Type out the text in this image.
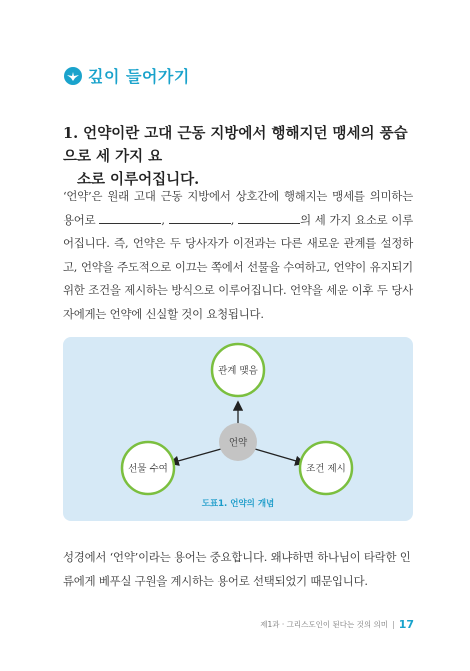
깊이 들어가기
1. 언약이란 고대 근동 지방에서 행해지던 맹세의 풍습으로 세 가지 요
소로 이루어집니다.
‘언약’은 원래 고대 근동 지방에서 상호간에 행해지는 맹세를 의미하는 용어로	,	,	의 세 가지 요소로 이루어집니다. 즉, 언약은 두 당사자가 이전과는 다른 새로운 관계를 설정하고, 언약을 주도적으로 이끄는 쪽에서 선물을 수여하고, 언약이 유지되기 위한 조건을 제시하는 방식으로 이루어집니다. 언약을 세운 이후 두 당사자에게는 언약에 신실할 것이 요청됩니다.
언약
관계 맺음
선물 수여	조건 제시
도표1. 언약의 개념
성경에서 ‘언약’이라는 용어는 중요합니다. 왜냐하면 하나님이 타락한 인류에게 베푸실 구원을 계시하는 용어로 선택되었기 때문입니다.
제1과 · 그리스도인이 된다는 것의 의미 | 17
